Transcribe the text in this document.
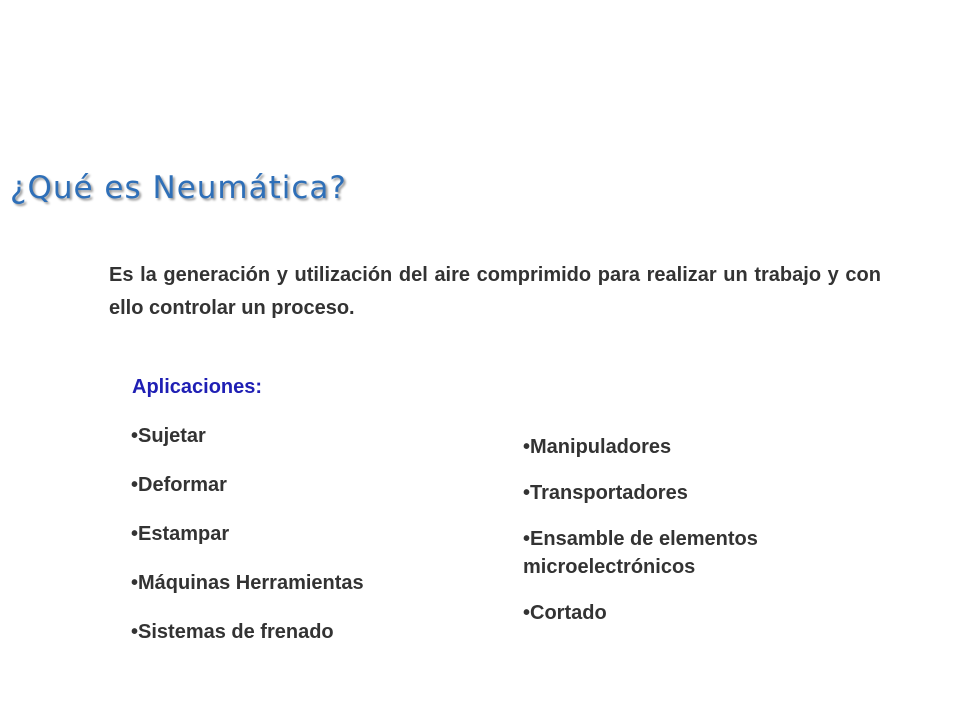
¿Qué es Neumática?

Es la generación y utilización del aire comprimido para realizar un trabajo y con ello controlar un proceso.

Aplicaciones:
• Sujetar
• Deformar
• Estampar
• Máquinas Herramientas
• Sistemas de frenado
• Manipuladores
• Transportadores
• Ensamble de elementos microelectrónicos
• Cortado
